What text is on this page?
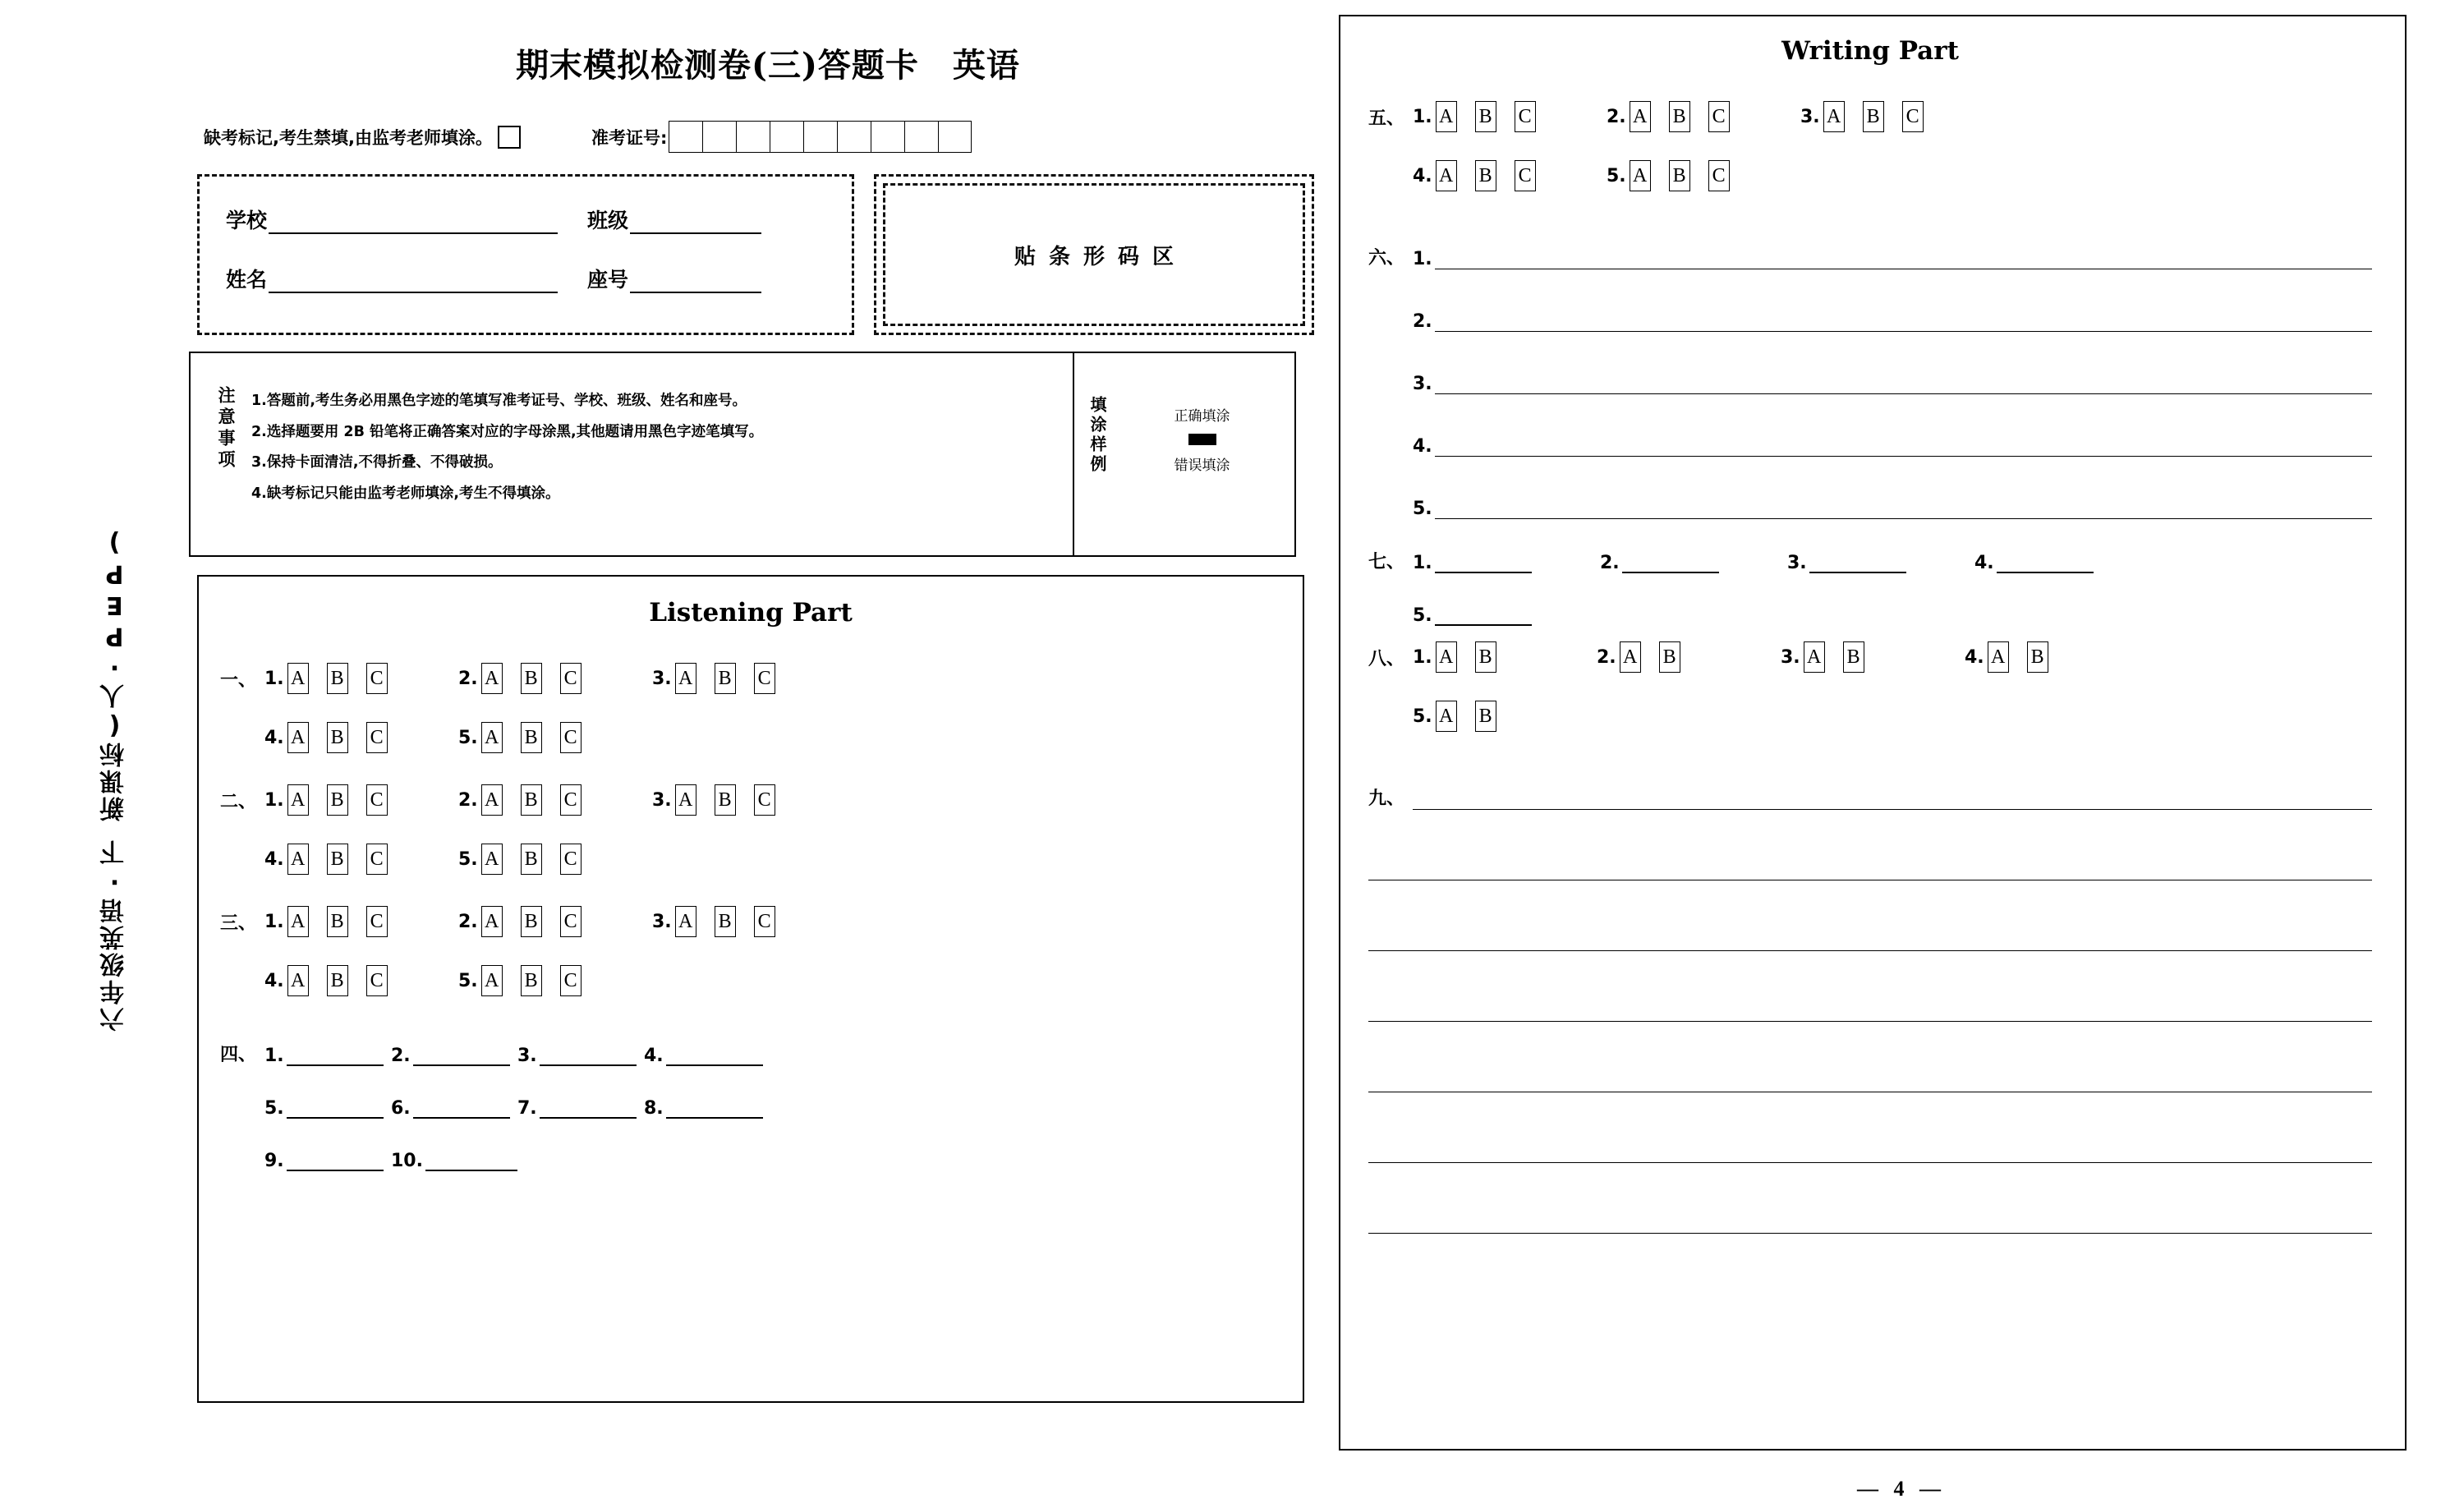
新课标(人·PEP)
六年级英语·下
期末模拟检测卷(三)答题卡　英语
缺考标记,考生禁填,由监考老师填涂。	准考证号:
学校	班级
姓名	座号
贴条形码区
注意事项 1.答题前,考生务必用黑色字迹的笔填写准考证号、学校、班级、姓名和座号。
2.选择题要用 2B 铅笔将正确答案对应的字母涂黑,其他题请用黑色字迹笔填写。
3.保持卡面清洁,不得折叠、不得破损。
4.缺考标记只能由监考老师填涂,考生不得填涂。
填涂样例	正确填涂
错误填涂
Listening Part
一、 1. A B C	2. A B C	3. A B C
4. A B C	5. A B C
二、 1. A B C	2. A B C	3. A B C
4. A B C	5. A B C
三、 1. A B C	2. A B C	3. A B C
4. A B C	5. A B C
四、 1.	2.	3.	4.
5.	6.	7.	8.
9.	10.
Writing Part
五、 1. A B C	2. A B C	3. A B C
4. A B C	5. A B C
六、 1.
2.
3.
4.
5.
七、 1.	2.	3.	4.
5.
八、 1. A B	2. A B	3. A B	4. A B
5. A B
九、
— 4 —
